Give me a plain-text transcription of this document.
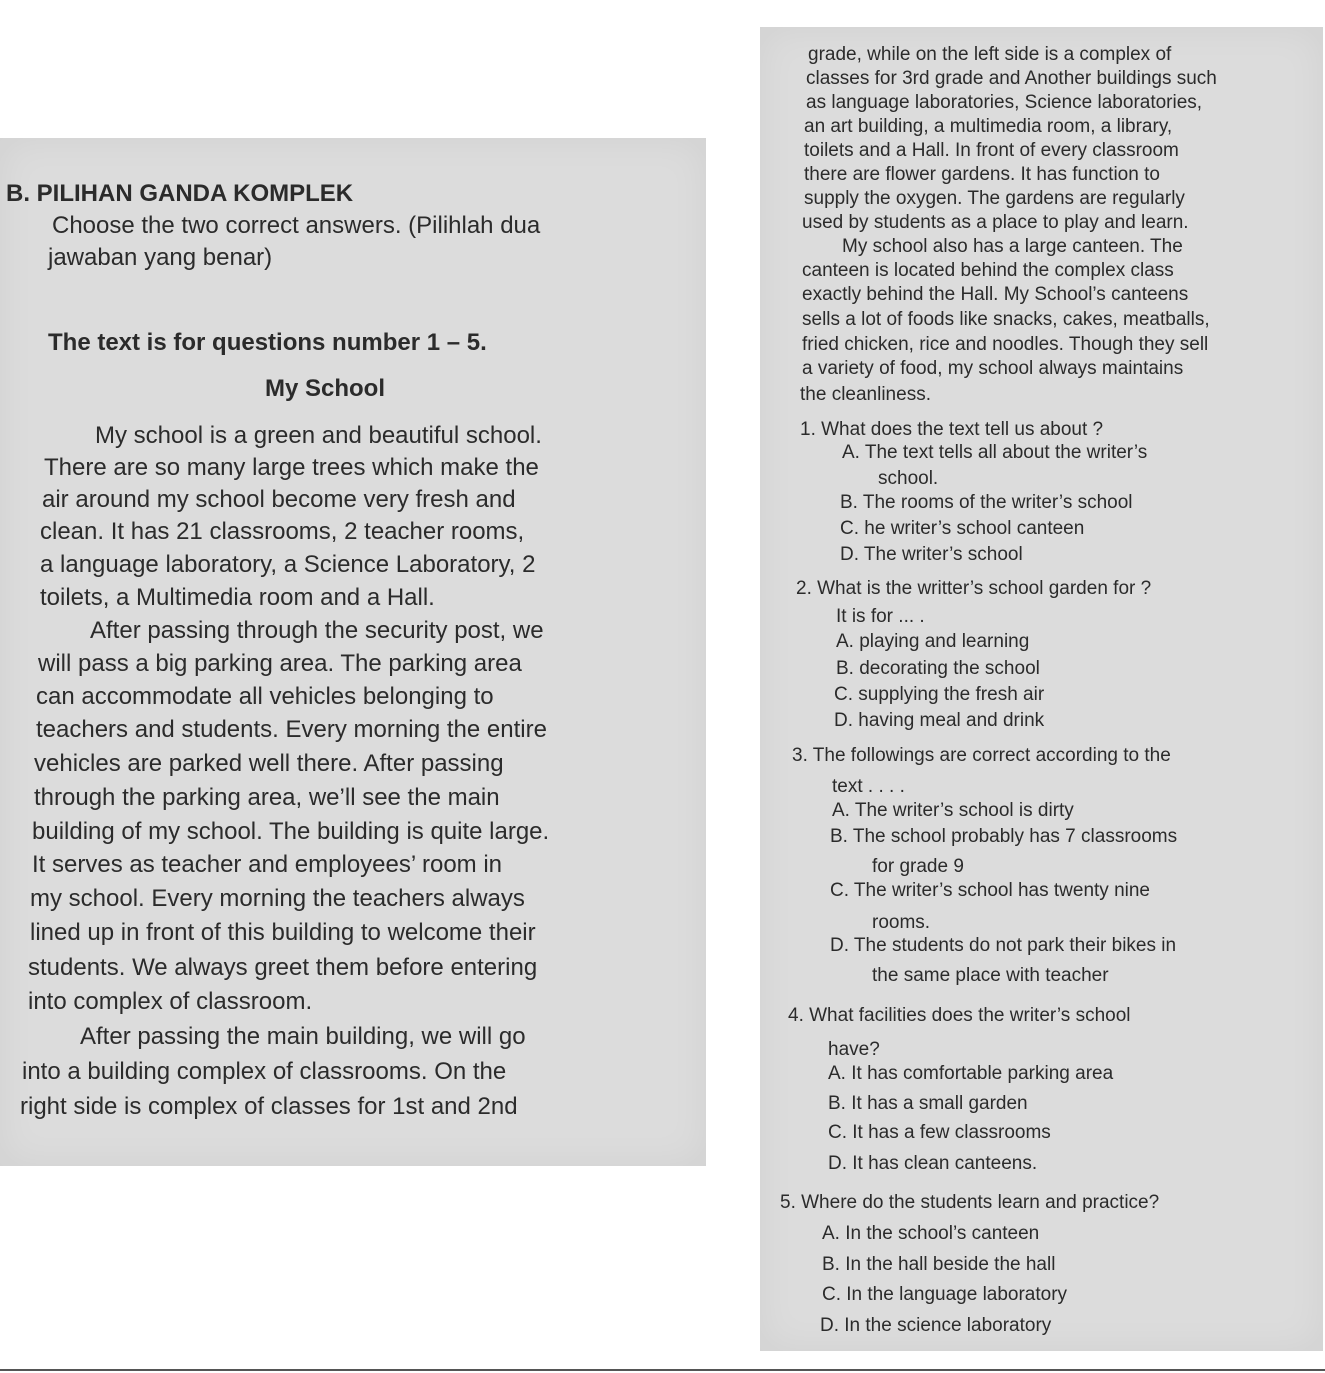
B. PILIHAN GANDA KOMPLEK
Choose the two correct answers. (Pilihlah dua
jawaban yang benar)
The text is for questions number 1 – 5.
My School
My school is a green and beautiful school.
There are so many large trees which make the
air around my school become very fresh and
clean. It has 21 classrooms, 2 teacher rooms,
a language laboratory, a Science Laboratory, 2
toilets, a Multimedia room and a Hall.
After passing through the security post, we
will pass a big parking area. The parking area
can accommodate all vehicles belonging to
teachers and students. Every morning the entire
vehicles are parked well there. After passing
through the parking area, we’ll see the main
building of my school. The building is quite large.
It serves as teacher and employees’ room in
my school. Every morning the teachers always
lined up in front of this building to welcome their
students. We always greet them before entering
into complex of classroom.
After passing the main building, we will go
into a building complex of classrooms. On the
right side is complex of classes for 1st and 2nd
grade, while on the left side is a complex of
classes for 3rd grade and Another buildings such
as language laboratories, Science laboratories,
an art building, a multimedia room, a library,
toilets and a Hall. In front of every classroom
there are flower gardens. It has function to
supply the oxygen. The gardens are regularly
used by students as a place to play and learn.
My school also has a large canteen. The
canteen is located behind the complex class
exactly behind the Hall. My School’s canteens
sells a lot of foods like snacks, cakes, meatballs,
fried chicken, rice and noodles. Though they sell
a variety of food, my school always maintains
the cleanliness.
1. What does the text tell us about ?
A. The text tells all about the writer’s
school.
B. The rooms of the writer’s school
C. he writer’s school canteen
D. The writer’s school
2. What is the writter’s school garden for ?
It is for ... .
A. playing and learning
B. decorating the school
C. supplying the fresh air
D. having meal and drink
3. The followings are correct according to the
text . . . .
A. The writer’s school is dirty
B. The school probably has 7 classrooms
for grade 9
C. The writer’s school has twenty nine
rooms.
D. The students do not park their bikes in
the same place with teacher
4. What facilities does the writer’s school
have?
A. It has comfortable parking area
B. It has a small garden
C. It has a few classrooms
D. It has clean canteens.
5. Where do the students learn and practice?
A. In the school’s canteen
B. In the hall beside the hall
C. In the language laboratory
D. In the science laboratory
